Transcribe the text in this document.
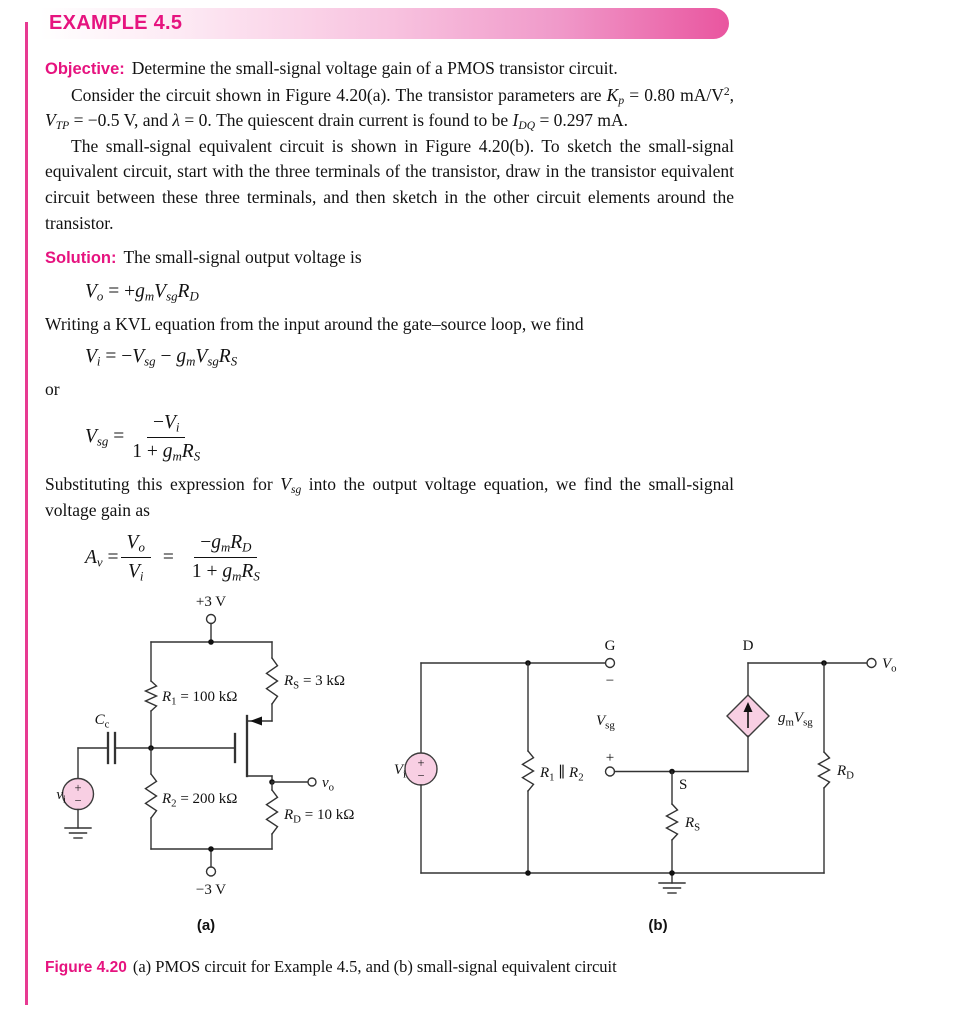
EXAMPLE 4.5

Objective: Determine the small-signal voltage gain of a PMOS transistor circuit.

Consider the circuit shown in Figure 4.20(a). The transistor parameters are $K_p = 0.80$ $mA/V^2$, $V_{TP} = -0.5$ V, and λ = 0. The quiescent drain current is found to be $I_{DQ} = 0.297$ mA.

The small-signal equivalent circuit is shown in Figure 4.20(b). To sketch the small-signal equivalent circuit, start with the three terminals of the transistor, draw in the transistor equivalent circuit between these three terminals, and then sketch in the other circuit elements around the transistor.

Solution: The small-signal output voltage is

$V_o = +g_mV_{sg}R_D$

Writing a KVL equation from the input around the gate–source loop, we find

$V_i = -V_{sg} - g_mV_{sg}R_S$

or

$V_{sg} = \frac{-V_i}{1 + g_mR_S}$

Substituting this expression for $V_{sg}$ into the output voltage equation, we find the small-signal voltage gain as

$A_v = \frac{V_o}{V_i} = \frac{-g_mR_D}{1 + g_mR_S}$
+3 V
$R_1 = 100$ kΩ
$R_S = 3$ kΩ
$C_c$
+
−
$v_i$	$R_2 = 200$ kΩ
$v_o$
$R_D = 10$ kΩ
−3 V
(a)
+
−
$V_i$
G
−
$V_{sg}$
+
S
$R_1$ ∥ $R_2$
$R_S$
D
$g_mV_{sg}$
$V_o$
$R_D$
(b)
Figure 4.20 (a) PMOS circuit for Example 4.5, and (b) small-signal equivalent circuit
